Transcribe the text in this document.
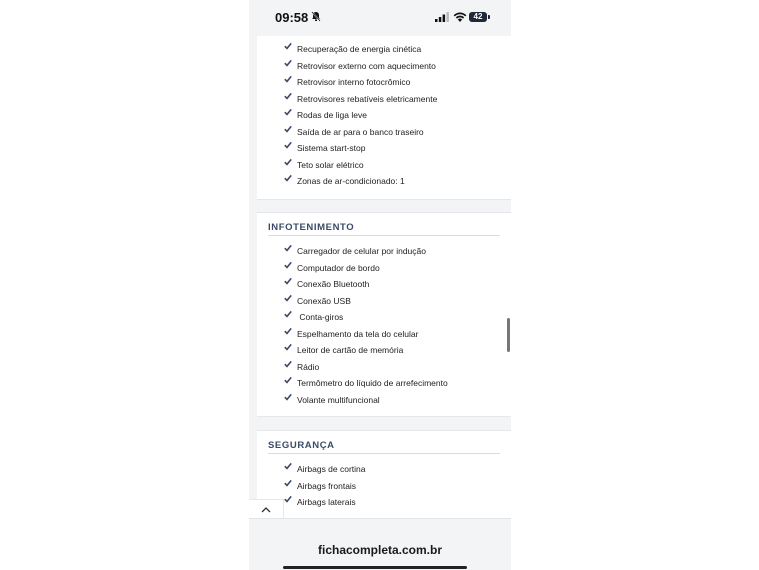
09:58	42
Recuperação de energia cinética
Retrovisor externo com aquecimento
Retrovisor interno fotocrômico
Retrovisores rebatíveis eletricamente
Rodas de liga leve
Saída de ar para o banco traseiro
Sistema start-stop
Teto solar elétrico
Zonas de ar-condicionado: 1
INFOTENIMENTO
Carregador de celular por indução
Computador de bordo
Conexão Bluetooth
Conexão USB
Conta-giros
Espelhamento da tela do celular
Leitor de cartão de memória
Rádio
Termômetro do líquido de arrefecimento
Volante multifuncional
SEGURANÇA
Airbags de cortina
Airbags frontais
Airbags laterais
fichacompleta.com.br
